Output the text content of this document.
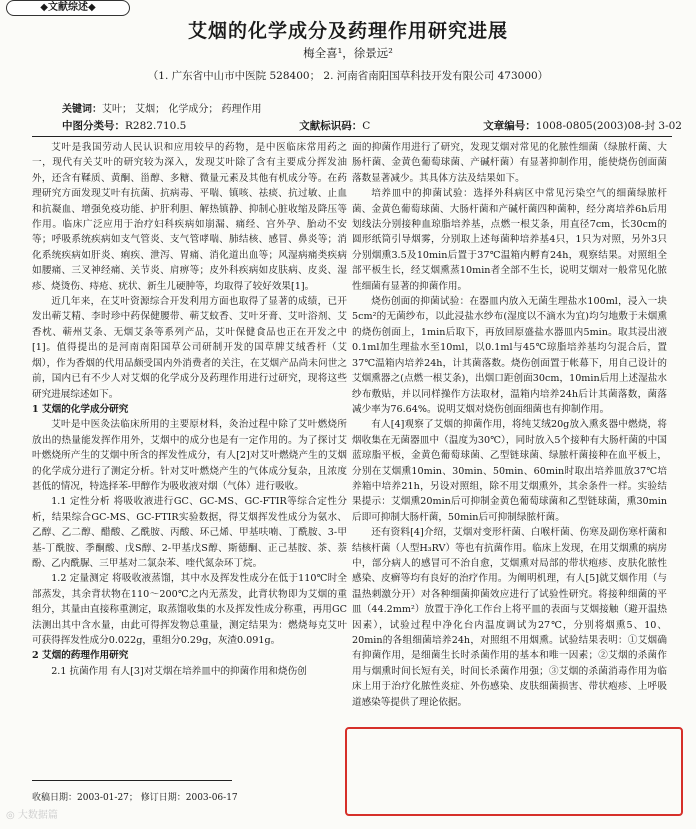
◆文献综述◆
艾烟的化学成分及药理作用研究进展
梅全喜¹，徐景远²
（1. 广东省中山市中医院 528400； 2. 河南省南阳国草科技开发有限公司 473000）
关键词：艾叶； 艾烟； 化学成分； 药理作用
中图分类号：R282.710.5	文献标识码：C	文章编号：1008-0805(2003)08-封 3-02

艾叶是我国劳动人民认识和应用较早的药物，是中医临床常用药之一，现代有关艾叶的研究较为深入，发现艾叶除了含有主要成分挥发油外，还含有鞣质、黄酮、甾醇、多糖、微量元素及其他有机成分等。在药理研究方面发现艾叶有抗菌、抗病毒、平喘、镇咳、祛痰、抗过敏、止血和抗凝血、增强免疫功能、护肝利胆、解热镇静、抑制心脏收缩及降压等作用。临床广泛应用于治疗妇科疾病如崩漏、痛经、宫外孕、胎动不安等；呼吸系统疾病如支气管炎、支气管哮喘、肺结核、感冒、鼻炎等；消化系统疾病如肝炎、痢疾、泄泻、胃痛、消化道出血等；风湿病痛类疾病如腰痛、三叉神经痛、关节炎、肩痹等；皮外科疾病如皮肤病、皮炎、湿疹、烧烫伤、痔疮、疣状、新生儿硬肿等，均取得了较好效果[1]。

近几年来，在艾叶资源综合开发利用方面也取得了显著的成绩，已开发出蕲艾精、李时珍中药保健腰带、蕲艾蚊香、艾叶牙膏、艾叶浴剂、艾香枕、蕲州艾条、无烟艾条等系列产品，艾叶保健食品也正在开发之中[1]。值得提出的是河南南阳国草公司研制开发的国草牌艾绒香杆（艾烟），作为香烟的代用品颇受国内外消费者的关注，在艾烟产品尚未问世之前，国内已有不少人对艾烟的化学成分及药理作用进行过研究，现将这些研究进展综述如下。

1 艾烟的化学成分研究

艾叶是中医灸法临床所用的主要原材料，灸治过程中除了艾叶燃烧所放出的热量能发挥作用外，艾烟中的成分也是有一定作用的。为了探讨艾叶燃烧所产生的艾烟中所含的挥发性成分，有人[2]对艾叶燃烧产生的艾烟的化学成分进行了测定分析。针对艾叶燃烧产生的气体成分复杂，且浓度甚低的情况，特选择苯-甲醇作为吸收液对烟（气体）进行吸收。

1.1 定性分析 将吸收液进行GC、GC-MS、GC-FTIR等综合定性分析，结果综合GC-MS、GC-FTIR实验数据，得艾烟挥发性成分为氨水、乙醇、乙二醇、醋酸、乙酰胺、丙酸、环己烯、甲基呋喃、丁酰胺、3-甲基-丁酰胺、季酮酸、戊S醇、2-甲基戊S醇、斯德酮、正己基胺、茶、萘酚、乙内酰脲、三甲基对二氯杂苯、喹代氮杂环丁烷。

1.2 定量测定 将吸收液蒸馏，其中水及挥发性成分在低于110℃时全部蒸发，其余背状物在110～200℃之内无蒸发，此背状物即为艾烟的重组分，其量由直接称重测定，取蒸馏收集的水及挥发性成分称重，再用GC法测出其中含水量，由此可得挥发物总重量，测定结果为：燃烧每克艾叶可获得挥发性成分0.022g，重组分0.29g，灰渣0.091g。

2 艾烟的药理作用研究

2.1 抗菌作用 有人[3]对艾烟在培养皿中的抑菌作用和烧伤创

面的抑菌作用进行了研究，发现艾烟对常见的化脓性细菌（绿脓杆菌、大肠杆菌、金黄色葡萄球菌、产碱杆菌）有显著抑制作用，能使烧伤创面菌落数显著减少。其具体方法及结果如下。

培养皿中的抑菌试验：选择外科病区中常见污染空气的细菌绿脓杆菌、金黄色葡萄球菌、大肠杆菌和产碱杆菌四种菌种，经分离培养6h后用划线法分别接种血琼脂培养基，点燃一根艾条，用直径7cm，长30cm的圆形纸筒引导烟雾，分别取上述每菌种培养基4只，1只为对照，另外3只分别烟熏3.5及10min后置于37℃温箱内孵育24h，观察结果。对照组全部平板生长，经艾烟熏蒸10min者全部不生长，说明艾烟对一般常见化脓性细菌有显著的抑菌作用。

烧伤创面的抑菌试验：在器皿内放入无菌生理盐水100ml，浸入一块5cm²的无菌纱布，以此浸盐水纱布(湿度以不滴水为宜)均匀地敷于未烟熏的烧伤创面上，1min后取下，再放回原盛盐水器皿内5min。取其浸出液0.1ml加生理盐水至10ml，以0.1ml与45℃琼脂培养基均匀混合后，置37℃温箱内培养24h，计其菌落数。烧伤创面置于帐幕下，用自己设计的艾烟熏器之(点燃一根艾条)，出烟口距创面30cm，10min后用上述湿盐水纱布敷贴，并以同样操作方法取材，温箱内培养24h后计其菌落数，菌落减少率为76.64%。说明艾烟对烧伤创面细菌也有抑制作用。

有人[4]观察了艾烟的抑菌作用，将纯艾绒20g放入熏炙器中燃烧，将烟收集在无菌器皿中（温度为30℃），同时放入5个接种有大肠杆菌的中国蓝琼脂平板，金黄色葡萄球菌、乙型链球菌、绿脓杆菌接种在血平板上，分别在艾烟熏10min、30min、50min、60min时取出培养皿放37℃培养箱中培养21h，另设对照组，除不用艾烟熏外，其余条件一样。实验结果提示：艾烟熏20min后可抑制金黄色葡萄球菌和乙型链球菌，熏30min后即可抑制大肠杆菌，50min后可抑制绿脓杆菌。

还有资料[4]介绍，艾烟对变形杆菌、白喉杆菌、伤寒及副伤寒杆菌和结核杆菌（人型H₃RV）等也有抗菌作用。临床上发现，在用艾烟熏的病房中，部分病人的感冒可不治自愈，艾烟熏对局部的带状疱疹、皮肤化脓性感染、皮癣等均有良好的治疗作用。为阐明机理，有人[5]就艾烟作用（与温热刺激分开）对各种细菌抑菌效应进行了试验性研究。将接种细菌的平皿（44.2mm²）放置于净化工作台上将平皿的表面与艾烟接触（避开温热因素），试验过程中净化台内温度调试为27℃，分别将烟熏5、10、20min的各组细菌培养24h，对照组不用烟熏。试验结果表明：①艾烟确有抑菌作用，是细菌生长时杀菌作用的基本和唯一因素；②艾烟的杀菌作用与烟熏时间长短有关，时间长杀菌作用强；③艾烟的杀菌消毒作用为临床上用于治疗化脓性炎症、外伤感染、皮肤细菌损害、带状疱疹、上呼吸道感染等提供了理论依据。

收稿日期：2003-01-27； 修订日期：2003-06-17
◎ 大数据篇
